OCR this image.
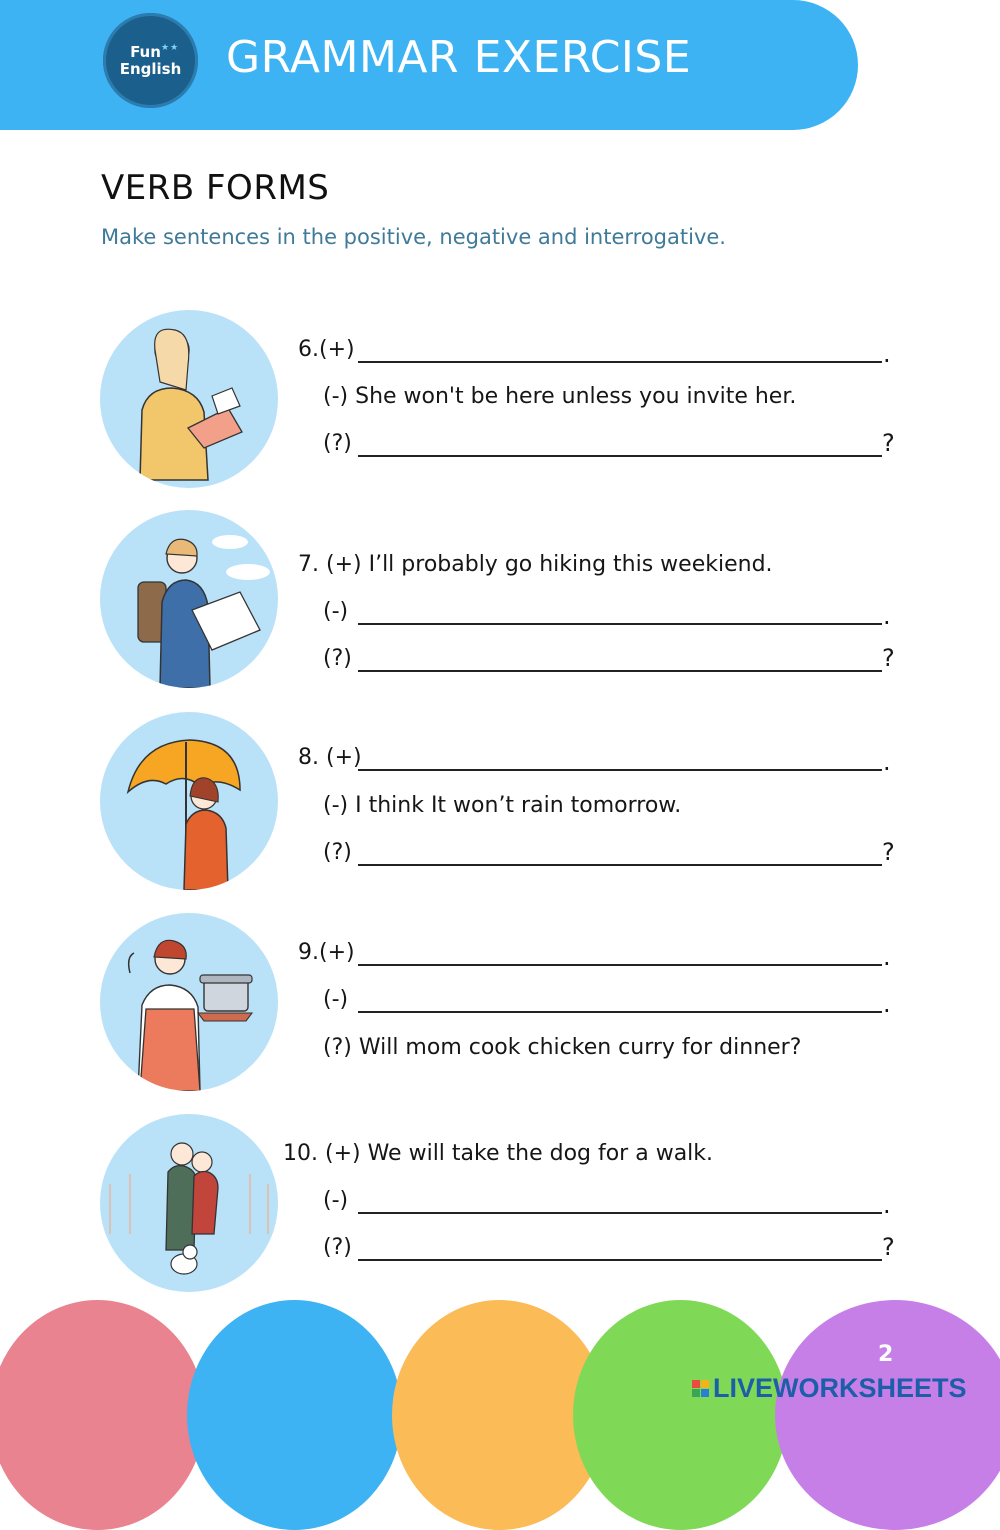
Fun ★★
English GRAMMAR EXERCISE
VERB FORMS
Make sentences in the positive, negative and interrogative.
6.(+)	.
(-) She won't be here unless you invite her.
(?)	?
7. (+) I’ll probably go hiking this weekiend.
(-)	.
(?)	?
8. (+)	.
(-) I think It won’t rain tomorrow.
(?)	?
9.(+)	.
(-)	.
(?) Will mom cook chicken curry for dinner?
10. (+) We will take the dog for a walk.
(-)	.
(?)	?
2
LIVEWORKSHEETS
